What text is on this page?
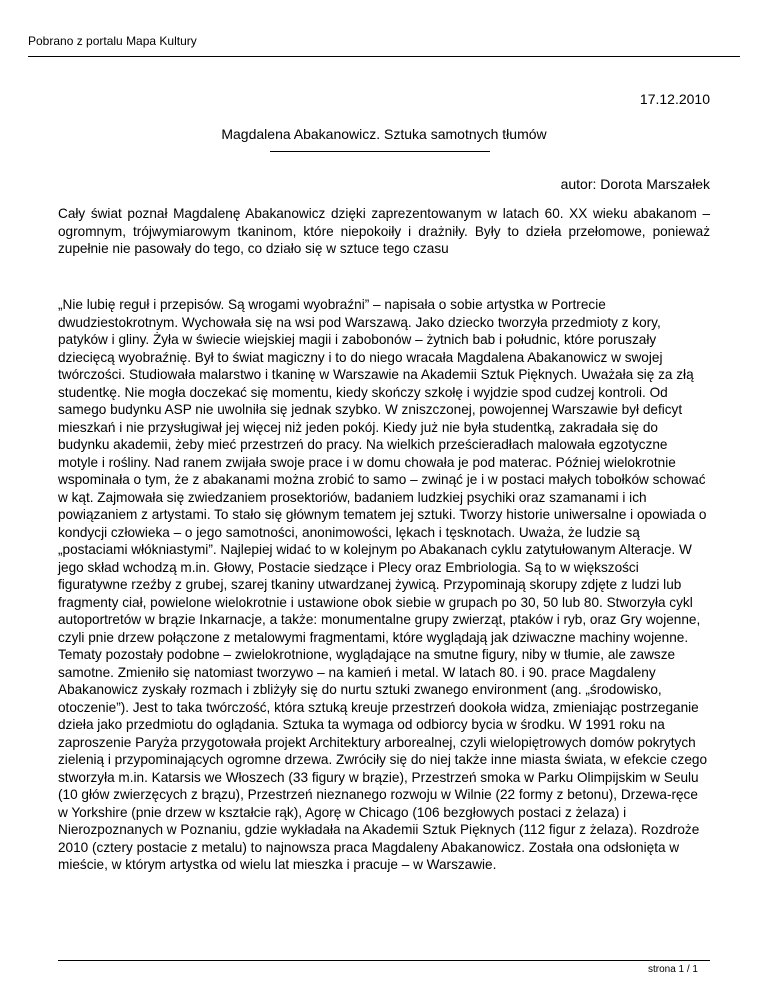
Pobrano z portalu Mapa Kultury
17.12.2010
Magdalena Abakanowicz. Sztuka samotnych tłumów
autor: Dorota Marszałek

Cały świat poznał Magdalenę Abakanowicz dzięki zaprezentowanym w latach 60. XX wieku abakanom – ogromnym, trójwymiarowym tkaninom, które niepokoiły i drażniły. Były to dzieła przełomowe, ponieważ zupełnie nie pasowały do tego, co działo się w sztuce tego czasu

„Nie lubię reguł i przepisów. Są wrogami wyobraźni” – napisała o sobie artystka w Portrecie dwudziestokrotnym. Wychowała się na wsi pod Warszawą. Jako dziecko tworzyła przedmioty z kory, patyków i gliny. Żyła w świecie wiejskiej magii i zabobonów – żytnich bab i południc, które poruszały dziecięcą wyobraźnię. Był to świat magiczny i to do niego wracała Magdalena Abakanowicz w swojej twórczości. Studiowała malarstwo i tkaninę w Warszawie na Akademii Sztuk Pięknych. Uważała się za złą studentkę. Nie mogła doczekać się momentu, kiedy skończy szkołę i wyjdzie spod cudzej kontroli. Od samego budynku ASP nie uwolniła się jednak szybko. W zniszczonej, powojennej Warszawie był deficyt mieszkań i nie przysługiwał jej więcej niż jeden pokój. Kiedy już nie była studentką, zakradała się do budynku akademii, żeby mieć przestrzeń do pracy. Na wielkich prześcieradłach malowała egzotyczne motyle i rośliny. Nad ranem zwijała swoje prace i w domu chowała je pod materac. Później wielokrotnie wspominała o tym, że z abakanami można zrobić to samo – zwinąć je i w postaci małych tobołków schować w kąt. Zajmowała się zwiedzaniem prosektoriów, badaniem ludzkiej psychiki oraz szamanami i ich powiązaniem z artystami. To stało się głównym tematem jej sztuki. Tworzy historie uniwersalne i opowiada o kondycji człowieka – o jego samotności, anonimowości, lękach i tęsknotach. Uważa, że ludzie są „postaciami włókniastymi”. Najlepiej widać to w kolejnym po Abakanach cyklu zatytułowanym Alteracje. W jego skład wchodzą m.in. Głowy, Postacie siedzące i Plecy oraz Embriologia. Są to w większości figuratywne rzeźby z grubej, szarej tkaniny utwardzanej żywicą. Przypominają skorupy zdjęte z ludzi lub fragmenty ciał, powielone wielokrotnie i ustawione obok siebie w grupach po 30, 50 lub 80. Stworzyła cykl autoportretów w brązie Inkarnacje, a także: monumentalne grupy zwierząt, ptaków i ryb, oraz Gry wojenne, czyli pnie drzew połączone z metalowymi fragmentami, które wyglądają jak dziwaczne machiny wojenne. Tematy pozostały podobne – zwielokrotnione, wyglądające na smutne figury, niby w tłumie, ale zawsze samotne. Zmieniło się natomiast tworzywo – na kamień i metal. W latach 80. i 90. prace Magdaleny Abakanowicz zyskały rozmach i zbliżyły się do nurtu sztuki zwanego environment (ang. „środowisko, otoczenie”). Jest to taka twórczość, która sztuką kreuje przestrzeń dookoła widza, zmieniając postrzeganie dzieła jako przedmiotu do oglądania. Sztuka ta wymaga od odbiorcy bycia w środku. W 1991 roku na zaproszenie Paryża przygotowała projekt Architektury arborealnej, czyli wielopiętrowych domów pokrytych zielenią i przypominających ogromne drzewa. Zwróciły się do niej także inne miasta świata, w efekcie czego stworzyła m.in. Katarsis we Włoszech (33 figury w brązie), Przestrzeń smoka w Parku Olimpijskim w Seulu (10 głów zwierzęcych z brązu), Przestrzeń nieznanego rozwoju w Wilnie (22 formy z betonu), Drzewa-ręce w Yorkshire (pnie drzew w kształcie rąk), Agorę w Chicago (106 bezgłowych postaci z żelaza) i Nierozpoznanych w Poznaniu, gdzie wykładała na Akademii Sztuk Pięknych (112 figur z żelaza). Rozdroże 2010 (cztery postacie z metalu) to najnowsza praca Magdaleny Abakanowicz. Została ona odsłonięta w mieście, w którym artystka od wielu lat mieszka i pracuje – w Warszawie.

strona 1 / 1
